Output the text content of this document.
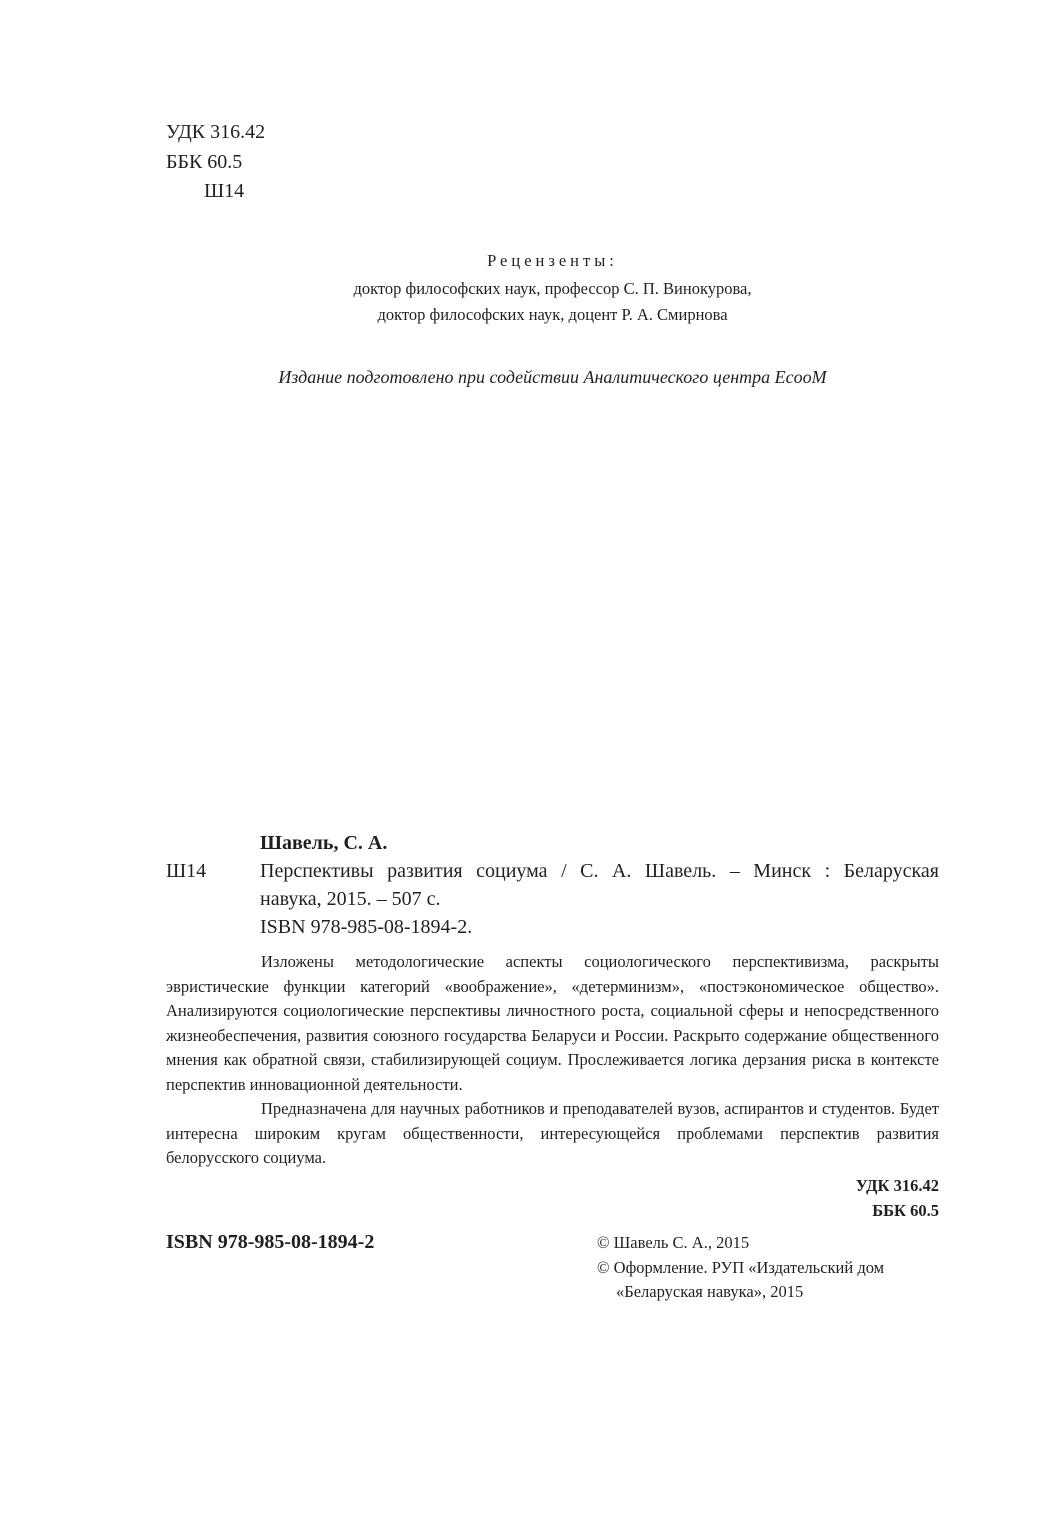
УДК 316.42
ББК 60.5
Ш14
Рецензенты:
доктор философских наук, профессор С. П. Винокурова,
доктор философских наук, доцент Р. А. Смирнова
Издание подготовлено при содействии Аналитического центра EcooM
Шавель, С. А.
Ш14	Перспективы развития социума / С. А. Шавель. – Минск : Беларуская
навука, 2015. – 507 с.
ISBN 978-985-08-1894-2.

Изложены методологические аспекты социологического перспективизма, раскрыты эвристические функции категорий «воображение», «детерминизм», «постэкономическое общество». Анализируются социологические перспективы личностного роста, социальной сферы и непосредственного жизнеобеспечения, развития союзного государства Беларуси и России. Раскрыто содержание общественного мнения как обратной связи, стабилизирующей социум. Прослеживается логика дерзания риска в контексте перспектив инновационной деятельности.

Предназначена для научных работников и преподавателей вузов, аспирантов и студентов. Будет интересна широким кругам общественности, интересующейся проблемами перспектив развития белорусского социума.

УДК 316.42
ББК 60.5
ISBN 978-985-08-1894-2	© Шавель С. А., 2015
© Оформление. РУП «Издательский дом
«Беларуская навука», 2015
